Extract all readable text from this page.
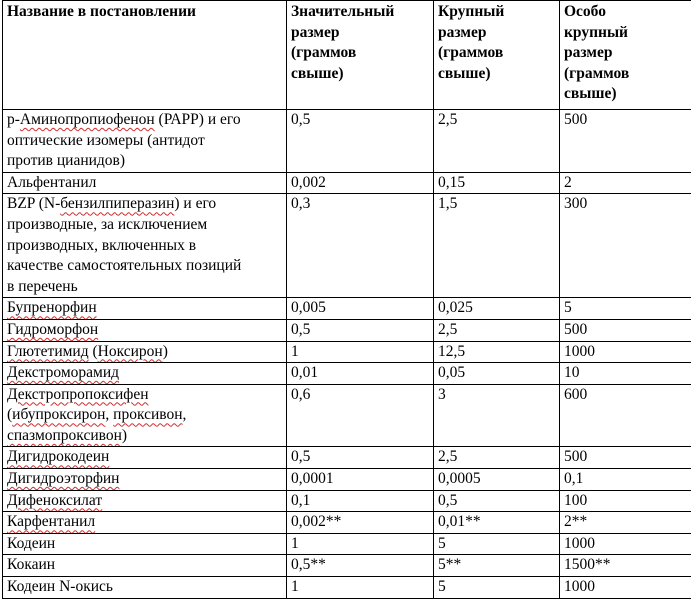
Название в постановлении	Значительный
размер
(граммов
свыше)	Крупный
размер
(граммов
свыше)	Особо
крупный
размер
(граммов
свыше)
р-Аминопропиофенон (РАРР) и его
оптические изомеры (антидот
против цианидов)	0,5	2,5	500
Альфентанил	0,002	0,15	2
BZP (N-бензилпиперазин) и его
производные, за исключением
производных, включенных в
качестве самостоятельных позиций
в перечень	0,3	1,5	300
Бупренорфин	0,005	0,025	5
Гидроморфон	0,5	2,5	500
Глютетимид (Ноксирон)	1	12,5	1000
Декстроморамид	0,01	0,05	10
Декстропропоксифен
(ибупроксирон, проксивон,
спазмопроксивон)	0,6	3	600
Дигидрокодеин	0,5	2,5	500
Дигидроэторфин	0,0001	0,0005	0,1
Дифеноксилат	0,1	0,5	100
Карфентанил	0,002**	0,01**	2**
Кодеин	1	5	1000
Кокаин	0,5**	5**	1500**
Кодеин N-окись	1	5	1000
